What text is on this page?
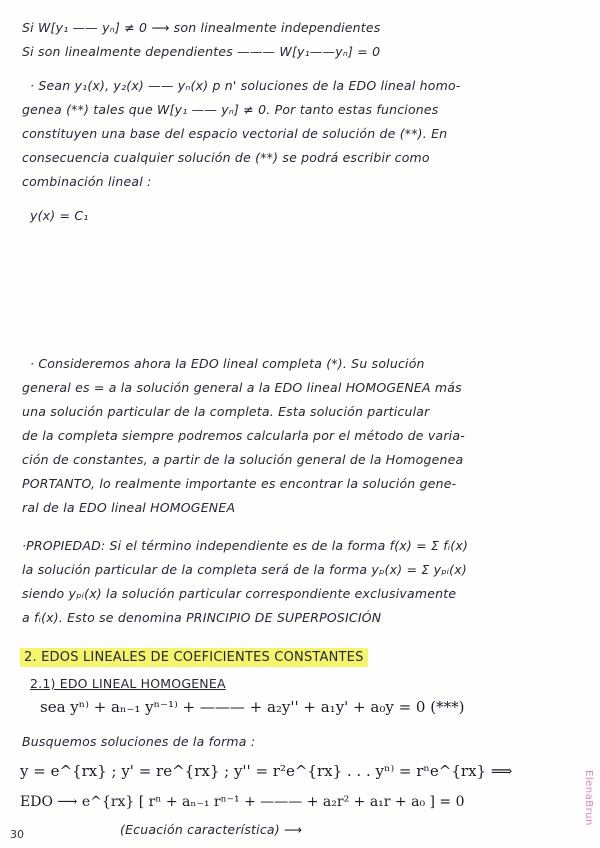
Si W[y₁ —— yₙ] ≠ 0 ⟶ son linealmente independientes
Si son linealmente dependientes ——— W[y₁——yₙ] = 0
· Sean y₁(x), y₂(x) —— yₙ(x) p n' soluciones de la EDO lineal homo-
genea (**) tales que W[y₁ —— yₙ] ≠ 0. Por tanto estas funciones
constituyen una base del espacio vectorial de solución de (**). En
consecuencia cualquier solución de (**) se podrá escribir como
combinación lineal :
y(x) = C₁
· Consideremos ahora la EDO lineal completa (*). Su solución
general es = a la solución general a la EDO lineal HOMOGENEA más
una solución particular de la completa. Esta solución particular
de la completa siempre podremos calcularla por el método de varia-
ción de constantes, a partir de la solución general de la Homogenea
PORTANTO, lo realmente importante es encontrar la solución gene-
ral de la EDO lineal HOMOGENEA
·PROPIEDAD: Si el término independiente es de la forma f(x) = Σ fᵢ(x)
la solución particular de la completa será de la forma yₚ(x) = Σ yₚᵢ(x)
siendo yₚᵢ(x) la solución particular correspondiente exclusivamente
a fᵢ(x). Esto se denomina PRINCIPIO DE SUPERPOSICIÓN
2. EDOS LINEALES DE COEFICIENTES CONSTANTES
2.1) EDO LINEAL HOMOGENEA
sea yⁿ⁾ + aₙ₋₁ yⁿ⁻¹⁾ + ——— + a₂y'' + a₁y' + a₀y = 0 (***)
Busquemos soluciones de la forma :
y = e^{rx} ; y' = re^{rx} ; y'' = r²e^{rx} . . . yⁿ⁾ = rⁿe^{rx} ⟹
EDO ⟶ e^{rx} [ rⁿ + aₙ₋₁ rⁿ⁻¹ + ——— + a₂r² + a₁r + a₀ ] = 0
(Ecuación característica) ⟶
30
ElenaBrun
